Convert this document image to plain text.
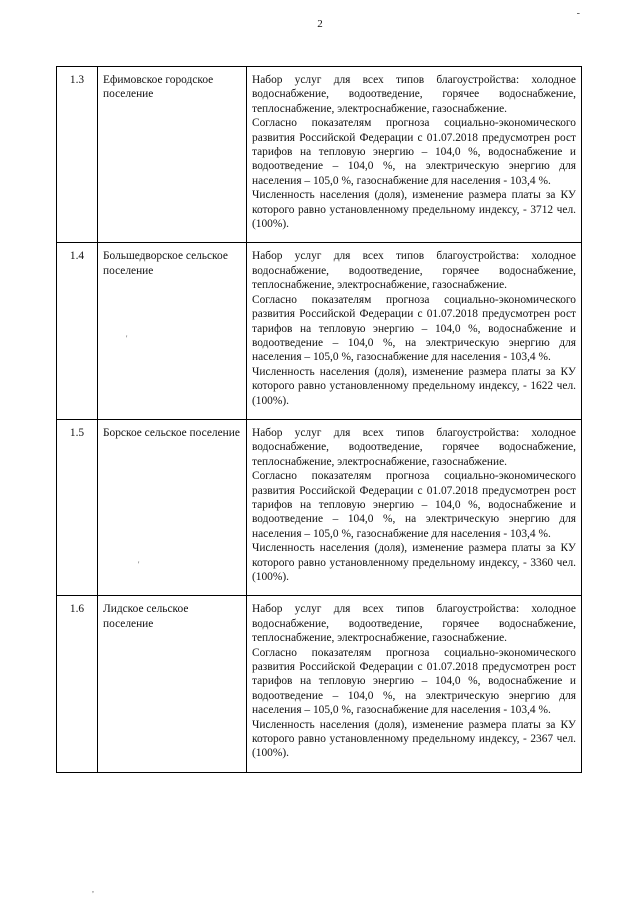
2
-
1.3	Ефимовское городское поселение	Набор услуг для всех типов благоустройства: холодное водоснабжение, водоотведение, горячее водоснабжение, теплоснабжение, электроснабжение, газоснабжение.

Согласно показателям прогноза социально-экономического развития Российской Федерации с 01.07.2018 предусмотрен рост тарифов на тепловую энергию – 104,0 %, водоснабжение и водоотведение – 104,0 %, на электрическую энергию для населения – 105,0 %, газоснабжение для населения - 103,4 %.

Численность населения (доля), изменение размера платы за КУ которого равно установленному предельному индексу, - 3712 чел. (100%).

1.4	Большедворское сельское поселение	Набор услуг для всех типов благоустройства: холодное водоснабжение, водоотведение, горячее водоснабжение, теплоснабжение, электроснабжение, газоснабжение.

Согласно показателям прогноза социально-экономического развития Российской Федерации с 01.07.2018 предусмотрен рост тарифов на тепловую энергию – 104,0 %, водоснабжение и водоотведение – 104,0 %, на электрическую энергию для населения – 105,0 %, газоснабжение для населения - 103,4 %.

Численность населения (доля), изменение размера платы за КУ которого равно установленному предельному индексу, - 1622 чел. (100%).

1.5	Борское сельское поселение	Набор услуг для всех типов благоустройства: холодное водоснабжение, водоотведение, горячее водоснабжение, теплоснабжение, электроснабжение, газоснабжение.

Согласно показателям прогноза социально-экономического развития Российской Федерации с 01.07.2018 предусмотрен рост тарифов на тепловую энергию – 104,0 %, водоснабжение и водоотведение – 104,0 %, на электрическую энергию для населения – 105,0 %, газоснабжение для населения - 103,4 %.

Численность населения (доля), изменение размера платы за КУ которого равно установленному предельному индексу, - 3360 чел. (100%).

1.6	Лидское сельское поселение	Набор услуг для всех типов благоустройства: холодное водоснабжение, водоотведение, горячее водоснабжение, теплоснабжение, электроснабжение, газоснабжение.

Согласно показателям прогноза социально-экономического развития Российской Федерации с 01.07.2018 предусмотрен рост тарифов на тепловую энергию – 104,0 %, водоснабжение и водоотведение – 104,0 %, на электрическую энергию для населения – 105,0 %, газоснабжение для населения - 103,4 %.

Численность населения (доля), изменение размера платы за КУ которого равно установленному предельному индексу, - 2367 чел. (100%).

'
'
,
